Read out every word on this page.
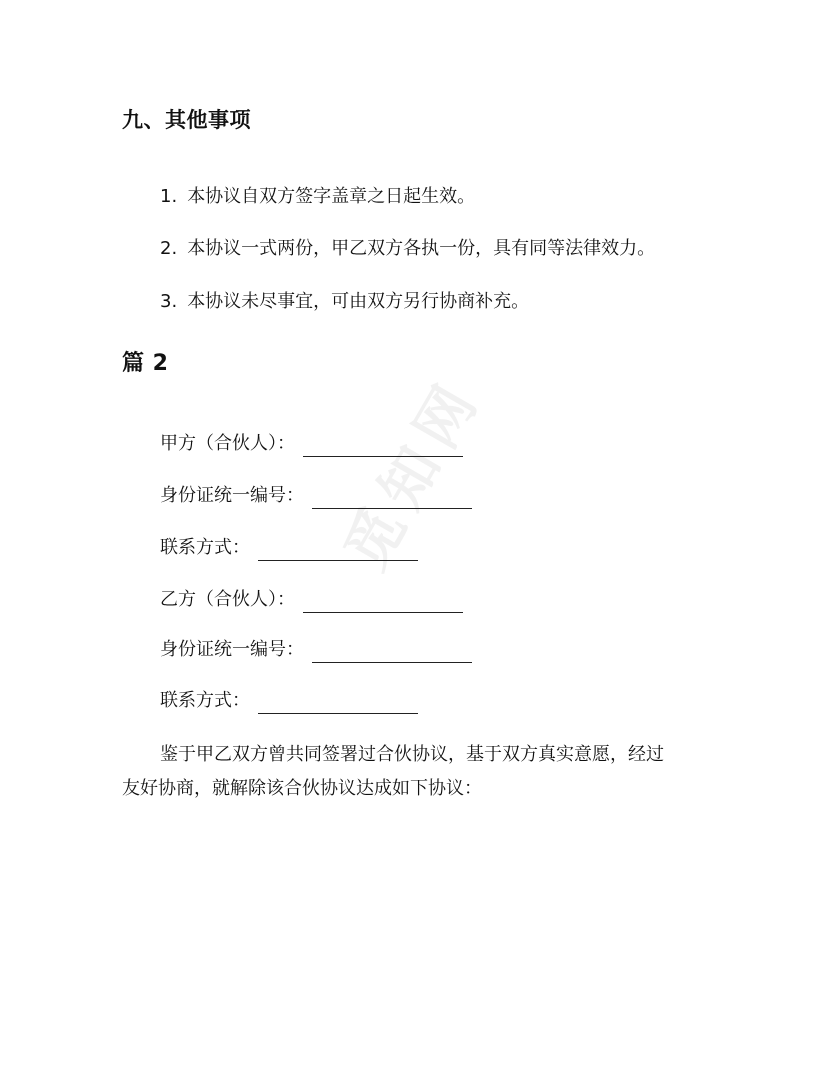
觅知网
九、其他事项
1. 本协议自双方签字盖章之日起生效。
2. 本协议一式两份，甲乙双方各执一份，具有同等法律效力。
3. 本协议未尽事宜，可由双方另行协商补充。
篇 2
甲方（合伙人）：
身份证统一编号：
联系方式：
乙方（合伙人）：
身份证统一编号：
联系方式：
鉴于甲乙双方曾共同签署过合伙协议，基于双方真实意愿，经过
友好协商，就解除该合伙协议达成如下协议：
